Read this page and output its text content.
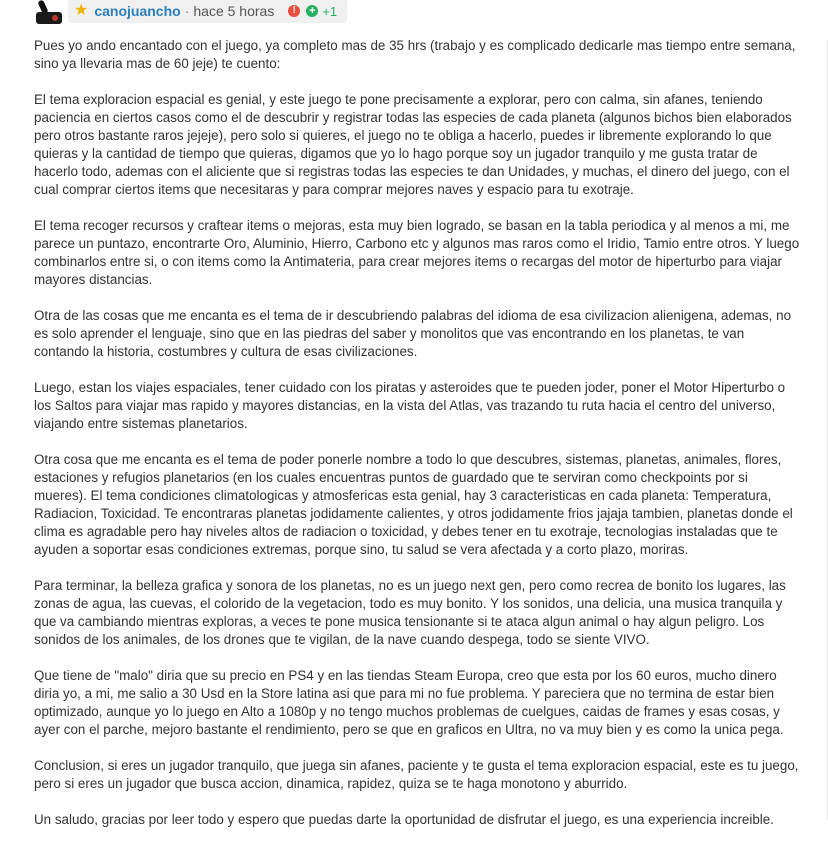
★ canojuancho · hace 5 horas	!	+ +1

Pues yo ando encantado con el juego, ya completo mas de 35 hrs (trabajo y es complicado dedicarle mas tiempo entre semana, sino ya llevaria mas de 60 jeje) te cuento:

El tema exploracion espacial es genial, y este juego te pone precisamente a explorar, pero con calma, sin afanes, teniendo paciencia en ciertos casos como el de descubrir y registrar todas las especies de cada planeta (algunos bichos bien elaborados pero otros bastante raros jejeje), pero solo si quieres, el juego no te obliga a hacerlo, puedes ir libremente explorando lo que quieras y la cantidad de tiempo que quieras, digamos que yo lo hago porque soy un jugador tranquilo y me gusta tratar de hacerlo todo, ademas con el aliciente que si registras todas las especies te dan Unidades, y muchas, el dinero del juego, con el cual comprar ciertos items que necesitaras y para comprar mejores naves y espacio para tu exotraje.

El tema recoger recursos y craftear items o mejoras, esta muy bien logrado, se basan en la tabla periodica y al menos a mi, me parece un puntazo, encontrarte Oro, Aluminio, Hierro, Carbono etc y algunos mas raros como el Iridio, Tamio entre otros. Y luego combinarlos entre si, o con items como la Antimateria, para crear mejores items o recargas del motor de hiperturbo para viajar mayores distancias.

Otra de las cosas que me encanta es el tema de ir descubriendo palabras del idioma de esa civilizacion alienigena, ademas, no es solo aprender el lenguaje, sino que en las piedras del saber y monolitos que vas encontrando en los planetas, te van contando la historia, costumbres y cultura de esas civilizaciones.

Luego, estan los viajes espaciales, tener cuidado con los piratas y asteroides que te pueden joder, poner el Motor Hiperturbo o los Saltos para viajar mas rapido y mayores distancias, en la vista del Atlas, vas trazando tu ruta hacia el centro del universo, viajando entre sistemas planetarios.

Otra cosa que me encanta es el tema de poder ponerle nombre a todo lo que descubres, sistemas, planetas, animales, flores, estaciones y refugios planetarios (en los cuales encuentras puntos de guardado que te serviran como checkpoints por si mueres). El tema condiciones climatologicas y atmosfericas esta genial, hay 3 caracteristicas en cada planeta: Temperatura, Radiacion, Toxicidad. Te encontraras planetas jodidamente calientes, y otros jodidamente frios jajaja tambien, planetas donde el clima es agradable pero hay niveles altos de radiacion o toxicidad, y debes tener en tu exotraje, tecnologias instaladas que te ayuden a soportar esas condiciones extremas, porque sino, tu salud se vera afectada y a corto plazo, moriras.

Para terminar, la belleza grafica y sonora de los planetas, no es un juego next gen, pero como recrea de bonito los lugares, las zonas de agua, las cuevas, el colorido de la vegetacion, todo es muy bonito. Y los sonidos, una delicia, una musica tranquila y que va cambiando mientras exploras, a veces te pone musica tensionante si te ataca algun animal o hay algun peligro. Los sonidos de los animales, de los drones que te vigilan, de la nave cuando despega, todo se siente VIVO.

Que tiene de "malo" diria que su precio en PS4 y en las tiendas Steam Europa, creo que esta por los 60 euros, mucho dinero diria yo, a mi, me salio a 30 Usd en la Store latina asi que para mi no fue problema. Y pareciera que no termina de estar bien optimizado, aunque yo lo juego en Alto a 1080p y no tengo muchos problemas de cuelgues, caidas de frames y esas cosas, y ayer con el parche, mejoro bastante el rendimiento, pero se que en graficos en Ultra, no va muy bien y es como la unica pega.

Conclusion, si eres un jugador tranquilo, que juega sin afanes, paciente y te gusta el tema exploracion espacial, este es tu juego, pero si eres un jugador que busca accion, dinamica, rapidez, quiza se te haga monotono y aburrido.

Un saludo, gracias por leer todo y espero que puedas darte la oportunidad de disfrutar el juego, es una experiencia increible.
